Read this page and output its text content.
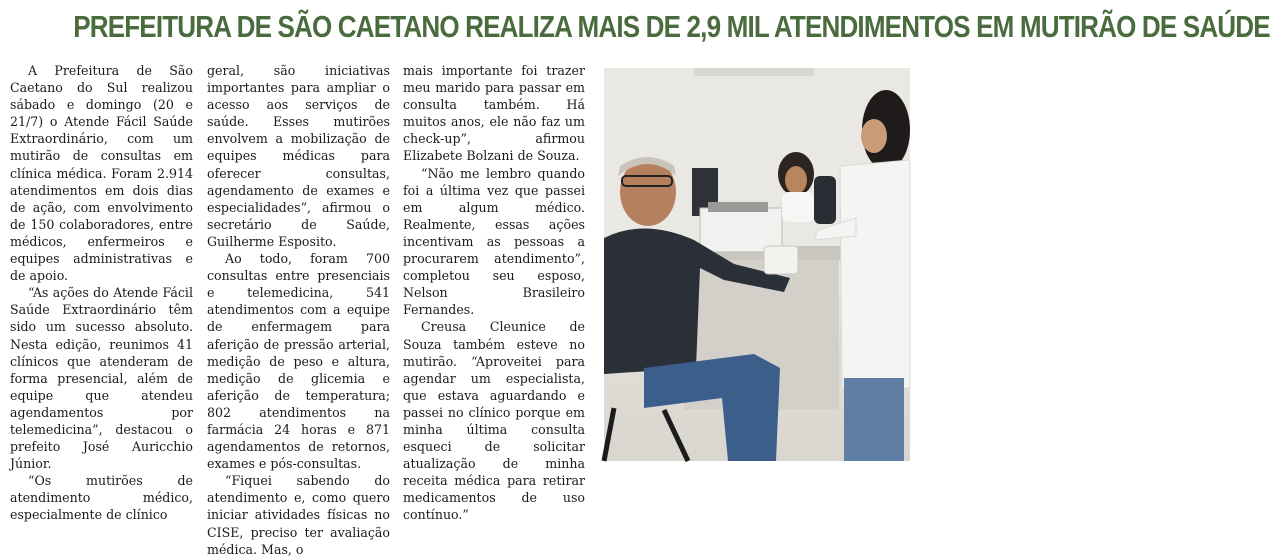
PREFEITURA DE SÃO CAETANO REALIZA MAIS DE 2,9 MIL ATENDIMENTOS EM MUTIRÃO DE SAÚDE

A Prefeitura de São Caetano do Sul realizou sábado e domingo (20 e 21/7) o Atende Fácil Saúde Extraordinário, com um mutirão de consultas em clínica médica. Foram 2.914 atendimentos em dois dias de ação, com envolvimento de 150 colaboradores, entre médicos, enfermeiros e equipes administrativas e de apoio.

“As ações do Atende Fácil Saúde Extraordinário têm sido um sucesso absoluto. Nesta edição, reunimos 41 clínicos que atenderam de forma presencial, além de equipe que atendeu agendamentos por telemedicina”, destacou o prefeito José Auricchio Júnior.

“Os mutirões de atendimento médico, especialmente de clínico

geral, são iniciativas importantes para ampliar o acesso aos serviços de saúde. Esses mutirões envolvem a mobilização de equipes médicas para oferecer consultas, agendamento de exames e especialidades”, afirmou o secretário de Saúde, Guilherme Esposito.

Ao todo, foram 700 consultas entre presenciais e telemedicina, 541 atendimentos com a equipe de enfermagem para aferição de pressão arterial, medição de peso e altura, medição de glicemia e aferição de temperatura; 802 atendimentos na farmácia 24 horas e 871 agendamentos de retornos, exames e pós-consultas.

“Fiquei sabendo do atendimento e, como quero iniciar atividades físicas no CISE, preciso ter avaliação médica. Mas, o

mais importante foi trazer meu marido para passar em consulta também. Há muitos anos, ele não faz um check-up”, afirmou Elizabete Bolzani de Souza.

“Não me lembro quando foi a última vez que passei em algum médico. Realmente, essas ações incentivam as pessoas a procurarem atendimento”, completou seu esposo, Nelson Brasileiro Fernandes.

Creusa Cleunice de Souza também esteve no mutirão. “Aproveitei para agendar um especialista, que estava aguardando e passei no clínico porque em minha última consulta esqueci de solicitar atualização de minha receita médica para retirar medicamentos de uso contínuo.”
